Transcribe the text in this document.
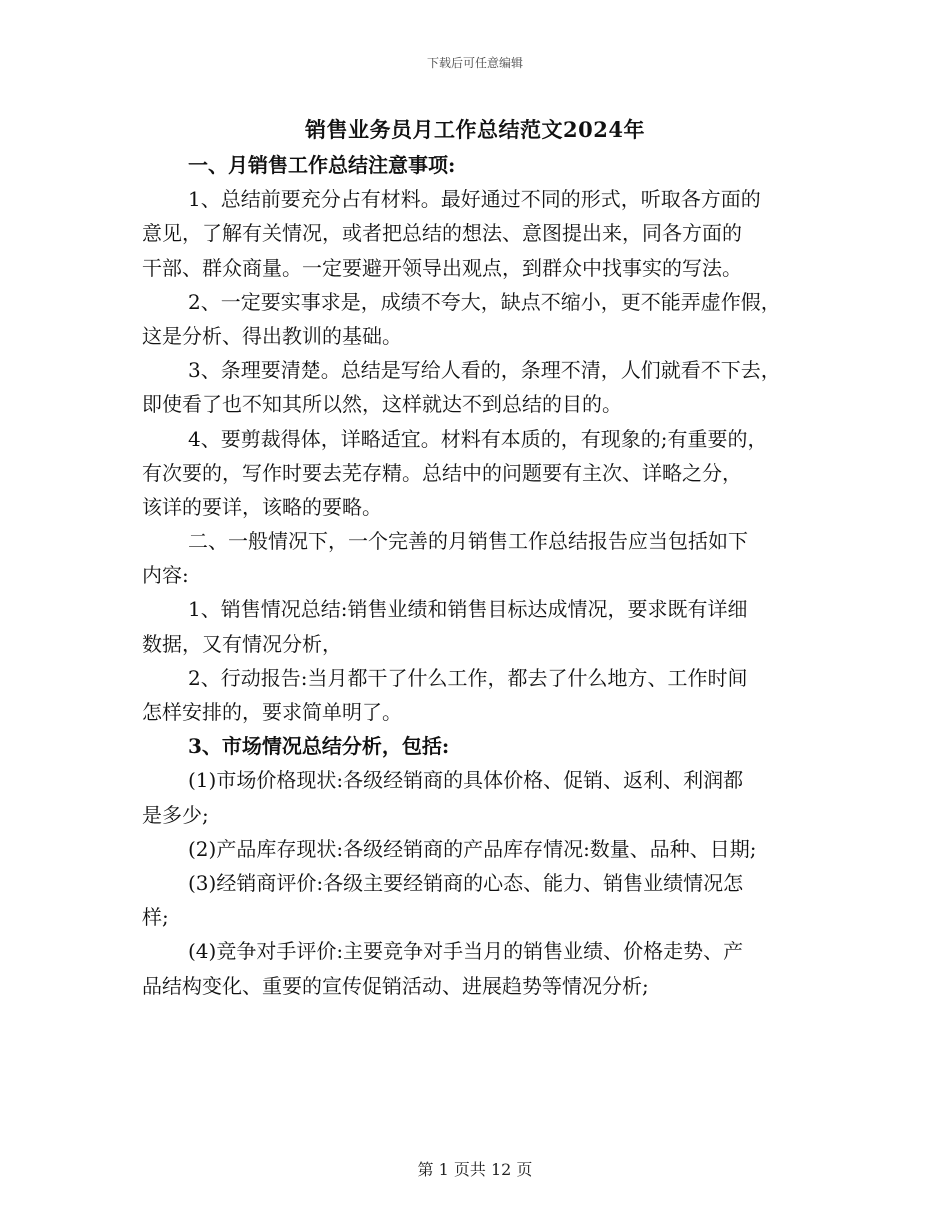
下载后可任意编辑
销售业务员月工作总结范文2024年
一、月销售工作总结注意事项:
1、总结前要充分占有材料。最好通过不同的形式，听取各方面的
意见，了解有关情况，或者把总结的想法、意图提出来，同各方面的
干部、群众商量。一定要避开领导出观点，到群众中找事实的写法。
2、一定要实事求是，成绩不夸大，缺点不缩小，更不能弄虚作假，
这是分析、得出教训的基础。
3、条理要清楚。总结是写给人看的，条理不清，人们就看不下去，
即使看了也不知其所以然，这样就达不到总结的目的。
4、要剪裁得体，详略适宜。材料有本质的，有现象的;有重要的，
有次要的，写作时要去芜存精。总结中的问题要有主次、详略之分，
该详的要详，该略的要略。
二、一般情况下，一个完善的月销售工作总结报告应当包括如下
内容:
1、销售情况总结:销售业绩和销售目标达成情况，要求既有详细
数据，又有情况分析，
2、行动报告:当月都干了什么工作，都去了什么地方、工作时间
怎样安排的，要求简单明了。
3、市场情况总结分析，包括:
(1)市场价格现状:各级经销商的具体价格、促销、返利、利润都
是多少;
(2)产品库存现状:各级经销商的产品库存情况:数量、品种、日期;
(3)经销商评价:各级主要经销商的心态、能力、销售业绩情况怎
样;
(4)竞争对手评价:主要竞争对手当月的销售业绩、价格走势、产
品结构变化、重要的宣传促销活动、进展趋势等情况分析;
第 1 页共 12 页
